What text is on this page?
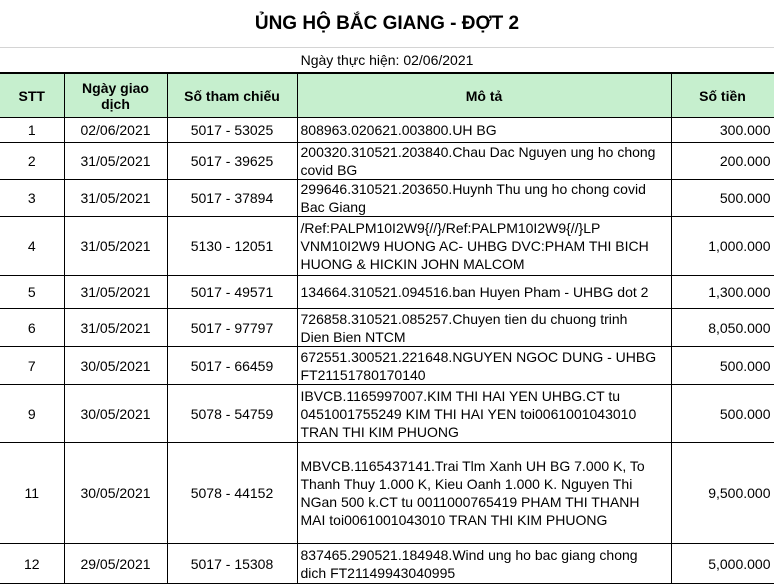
ỦNG HỘ BẮC GIANG - ĐỢT 2
Ngày thực hiện: 02/06/2021
STT	Ngày giao dịch	Số tham chiếu	Mô tả	Số tiền
1	02/06/2021	5017 - 53025	808963.020621.003800.UH BG	300.000
2	31/05/2021	5017 - 39625	200320.310521.203840.Chau Dac Nguyen ung ho chong
covid BG	200.000
3	31/05/2021	5017 - 37894	299646.310521.203650.Huynh Thu ung ho chong covid
Bac Giang	500.000
4	31/05/2021	5130 - 12051	/Ref:PALPM10I2W9{//}/Ref:PALPM10I2W9{//}LP
VNM10I2W9 HUONG AC- UHBG DVC:PHAM THI BICH
HUONG & HICKIN JOHN MALCOM	1,000.000
5	31/05/2021	5017 - 49571	134664.310521.094516.ban Huyen Pham - UHBG dot 2	1,300.000
6	31/05/2021	5017 - 97797	726858.310521.085257.Chuyen tien du chuong trinh
Dien Bien NTCM	8,050.000
7	30/05/2021	5017 - 66459	672551.300521.221648.NGUYEN NGOC DUNG - UHBG
FT21151780170140	500.000
9	30/05/2021	5078 - 54759	IBVCB.1165997007.KIM THI HAI YEN UHBG.CT tu
0451001755249 KIM THI HAI YEN toi0061001043010
TRAN THI KIM PHUONG	500.000
11	30/05/2021	5078 - 44152	MBVCB.1165437141.Trai Tlm Xanh UH BG 7.000 K, To
Thanh Thuy 1.000 K, Kieu Oanh 1.000 K. Nguyen Thi
NGan 500 k.CT tu 0011000765419 PHAM THI THANH
MAI toi0061001043010 TRAN THI KIM PHUONG	9,500.000
12	29/05/2021	5017 - 15308	837465.290521.184948.Wind ung ho bac giang chong
dich FT21149943040995	5,000.000
